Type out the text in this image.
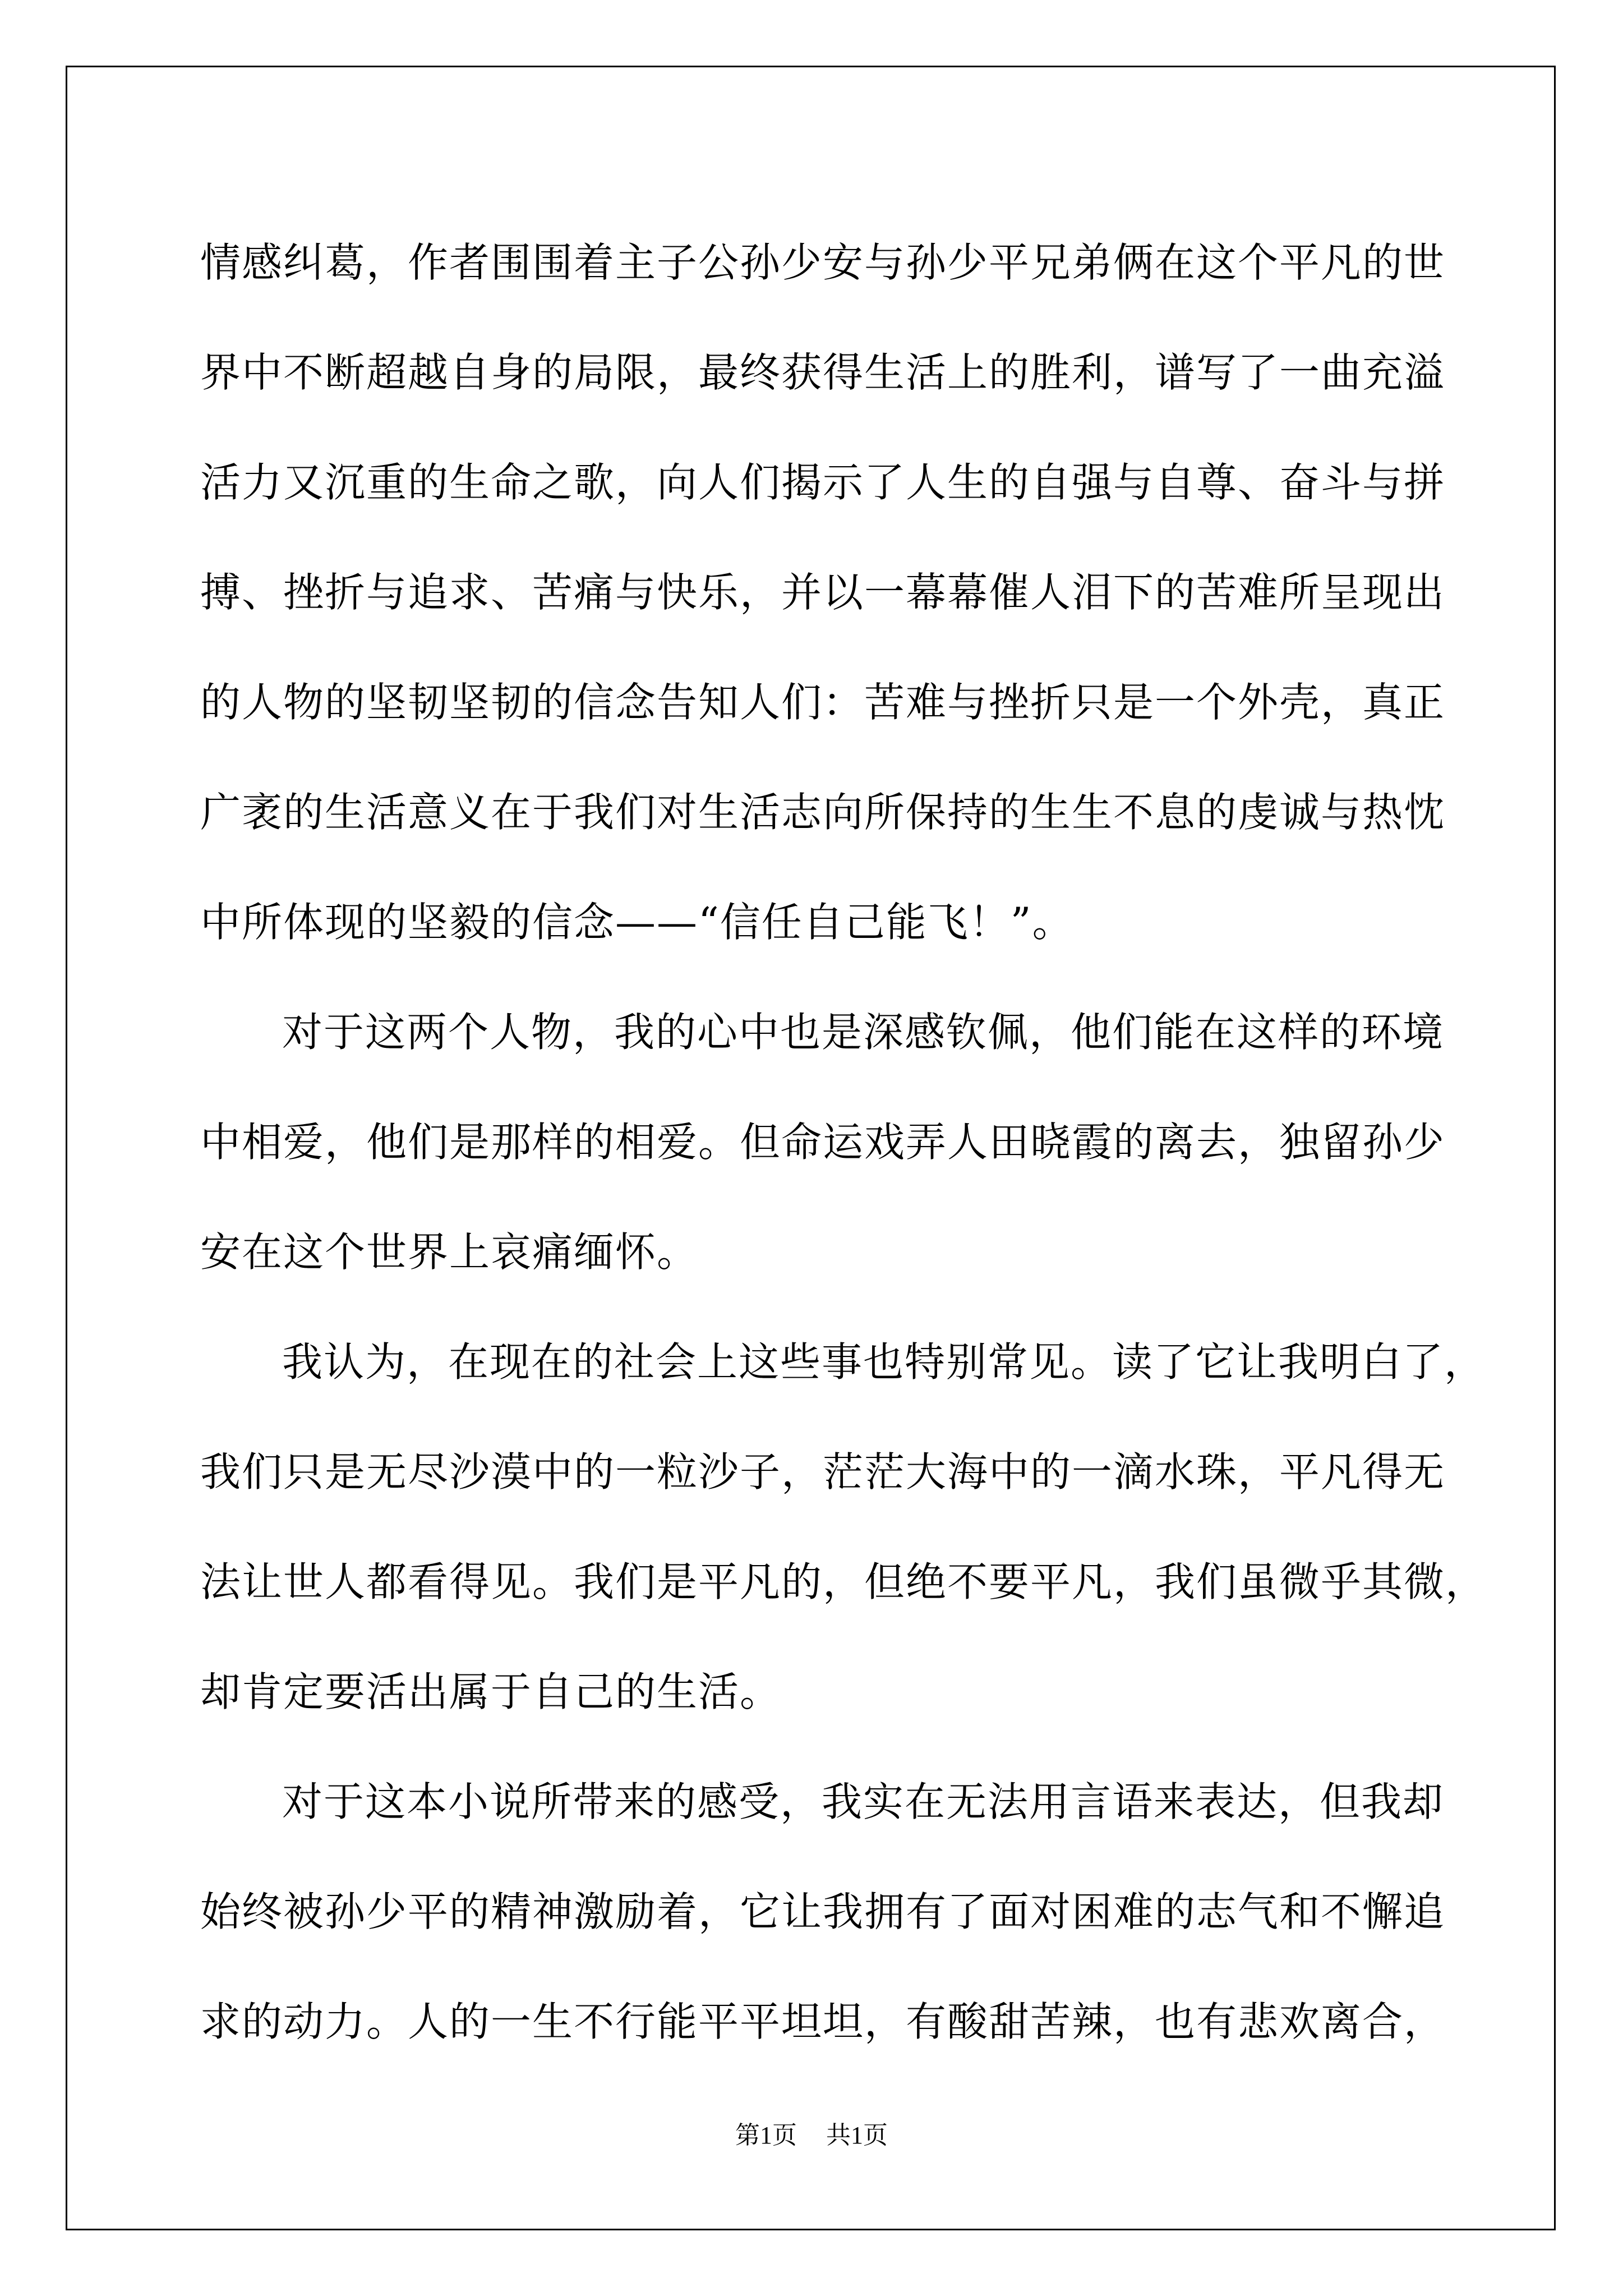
情感纠葛，作者围围着主子公孙少安与孙少平兄弟俩在这个平凡的世
界中不断超越自身的局限，最终获得生活上的胜利，谱写了一曲充溢
活力又沉重的生命之歌，向人们揭示了人生的自强与自尊、奋斗与拼
搏、挫折与追求、苦痛与快乐，并以一幕幕催人泪下的苦难所呈现出
的人物的坚韧坚韧的信念告知人们：苦难与挫折只是一个外壳，真正
广袤的生活意义在于我们对生活志向所保持的生生不息的虔诚与热忱
中所体现的坚毅的信念——“信任自己能飞！”。
对于这两个人物，我的心中也是深感钦佩，他们能在这样的环境
中相爱，他们是那样的相爱。但命运戏弄人田晓霞的离去，独留孙少
安在这个世界上哀痛缅怀。
我认为，在现在的社会上这些事也特别常见。读了它让我明白了，
我们只是无尽沙漠中的一粒沙子，茫茫大海中的一滴水珠，平凡得无
法让世人都看得见。我们是平凡的，但绝不要平凡，我们虽微乎其微，
却肯定要活出属于自己的生活。
对于这本小说所带来的感受，我实在无法用言语来表达，但我却
始终被孙少平的精神激励着，它让我拥有了面对困难的志气和不懈追
求的动力。人的一生不行能平平坦坦，有酸甜苦辣，也有悲欢离合，
第1页 共1页
